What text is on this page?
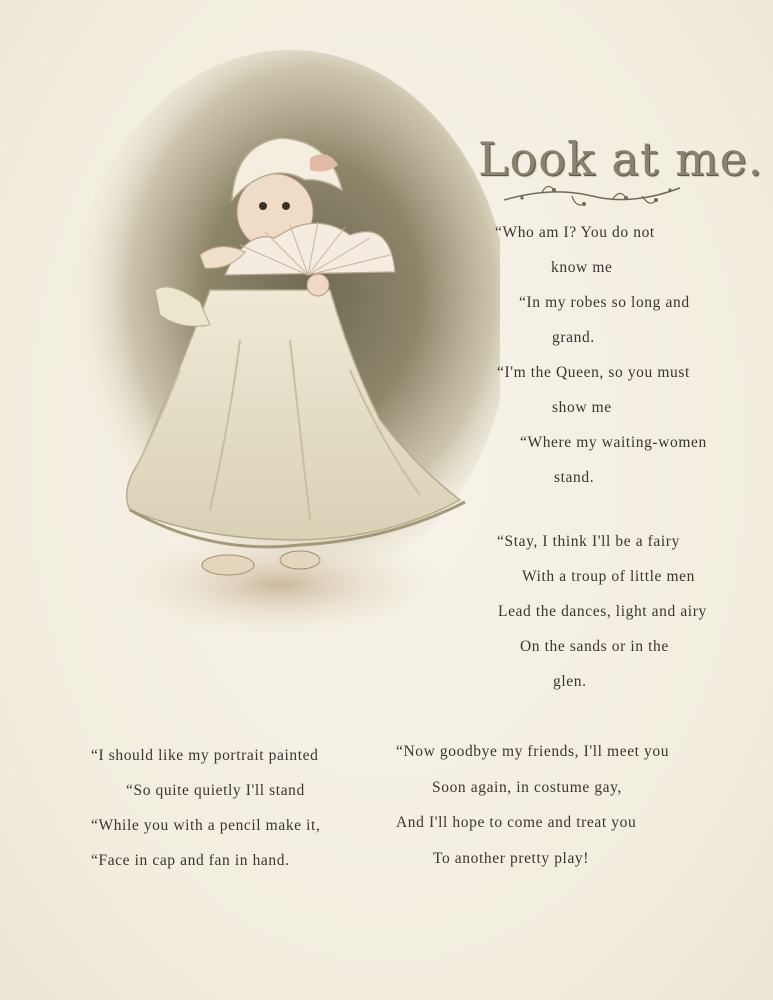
Look at me.
“Who am I? You do not
know me
“In my robes so long and
grand.
“I'm the Queen, so you must
show me
“Where my waiting-women
stand.
“Stay, I think I'll be a fairy
With a troup of little men
Lead the dances, light and airy
On the sands or in the
glen.
“I should like my portrait painted
“So quite quietly I'll stand
“While you with a pencil make it,
“Face in cap and fan in hand.
“Now goodbye my friends, I'll meet you
Soon again, in costume gay,
And I'll hope to come and treat you
To another pretty play!
